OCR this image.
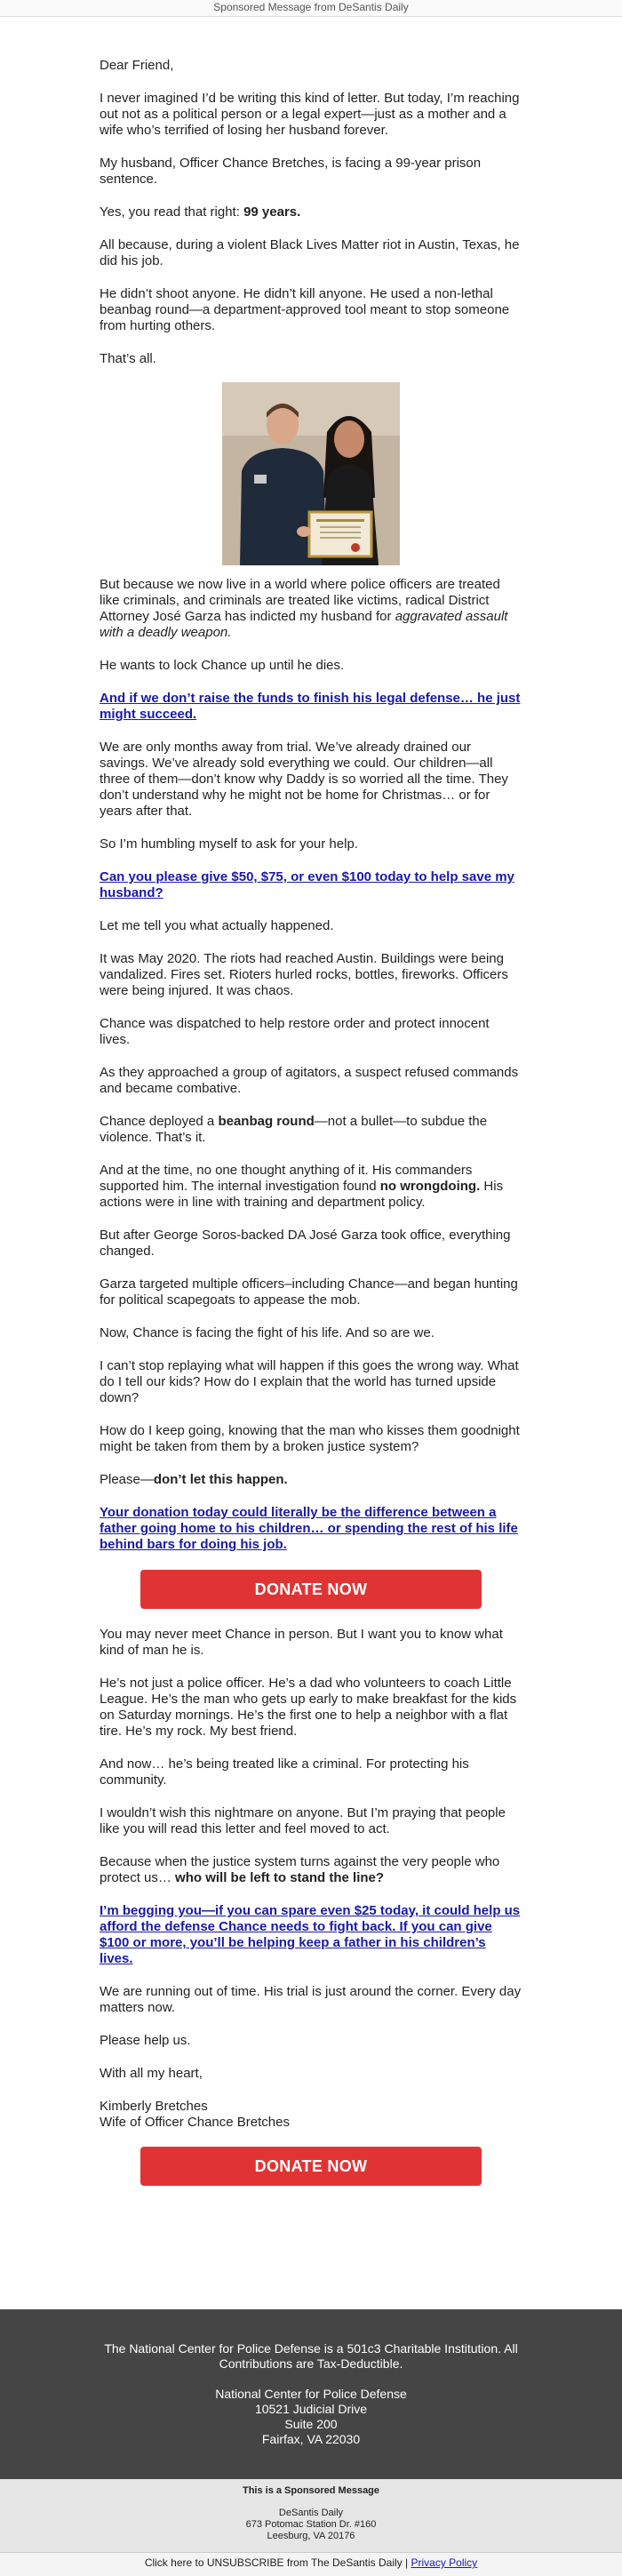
Sponsored Message from DeSantis Daily

Dear Friend,

I never imagined I’d be writing this kind of letter. But today, I’m reaching out not as a political person or a legal expert—just as a mother and a wife who’s terrified of losing her husband forever.

My husband, Officer Chance Bretches, is facing a 99-year prison sentence.

Yes, you read that right: 99 years.

All because, during a violent Black Lives Matter riot in Austin, Texas, he did his job.

He didn’t shoot anyone. He didn’t kill anyone. He used a non-lethal beanbag round—a department-approved tool meant to stop someone from hurting others.

That’s all.

But because we now live in a world where police officers are treated like criminals, and criminals are treated like victims, radical District Attorney José Garza has indicted my husband for aggravated assault with a deadly weapon.

He wants to lock Chance up until he dies.

And if we don’t raise the funds to finish his legal defense… he just might succeed.

We are only months away from trial. We’ve already drained our savings. We’ve already sold everything we could. Our children—all three of them—don’t know why Daddy is so worried all the time. They don’t understand why he might not be home for Christmas… or for years after that.

So I’m humbling myself to ask for your help.

Can you please give $50, $75, or even $100 today to help save my husband?

Let me tell you what actually happened.

It was May 2020. The riots had reached Austin. Buildings were being vandalized. Fires set. Rioters hurled rocks, bottles, fireworks. Officers were being injured. It was chaos.

Chance was dispatched to help restore order and protect innocent lives.

As they approached a group of agitators, a suspect refused commands and became combative.

Chance deployed a beanbag round—not a bullet—to subdue the violence. That’s it.

And at the time, no one thought anything of it. His commanders supported him. The internal investigation found no wrongdoing. His actions were in line with training and department policy.

But after George Soros-backed DA José Garza took office, everything changed.

Garza targeted multiple officers–including Chance—and began hunting for political scapegoats to appease the mob.

Now, Chance is facing the fight of his life. And so are we.

I can’t stop replaying what will happen if this goes the wrong way. What do I tell our kids? How do I explain that the world has turned upside down?

How do I keep going, knowing that the man who kisses them goodnight might be taken from them by a broken justice system?

Please—don’t let this happen.

Your donation today could literally be the difference between a father going home to his children… or spending the rest of his life behind bars for doing his job.

DONATE NOW

You may never meet Chance in person. But I want you to know what kind of man he is.

He’s not just a police officer. He’s a dad who volunteers to coach Little League. He’s the man who gets up early to make breakfast for the kids on Saturday mornings. He’s the first one to help a neighbor with a flat tire. He’s my rock. My best friend.

And now… he’s being treated like a criminal. For protecting his community.

I wouldn’t wish this nightmare on anyone. But I’m praying that people like you will read this letter and feel moved to act.

Because when the justice system turns against the very people who protect us… who will be left to stand the line?

I’m begging you—if you can spare even $25 today, it could help us afford the defense Chance needs to fight back. If you can give $100 or more, you’ll be helping keep a father in his children’s lives.

We are running out of time. His trial is just around the corner. Every day matters now.

Please help us.

With all my heart,

Kimberly Bretches
Wife of Officer Chance Bretches
DONATE NOW

The National Center for Police Defense is a 501c3 Charitable Institution. All Contributions are Tax-Deductible.

National Center for Police Defense
10521 Judicial Drive
Suite 200
Fairfax, VA 22030
This is a Sponsored Message
DeSantis Daily
673 Potomac Station Dr. #160
Leesburg, VA 20176
Click here to UNSUBSCRIBE from The DeSantis Daily | Privacy Policy
